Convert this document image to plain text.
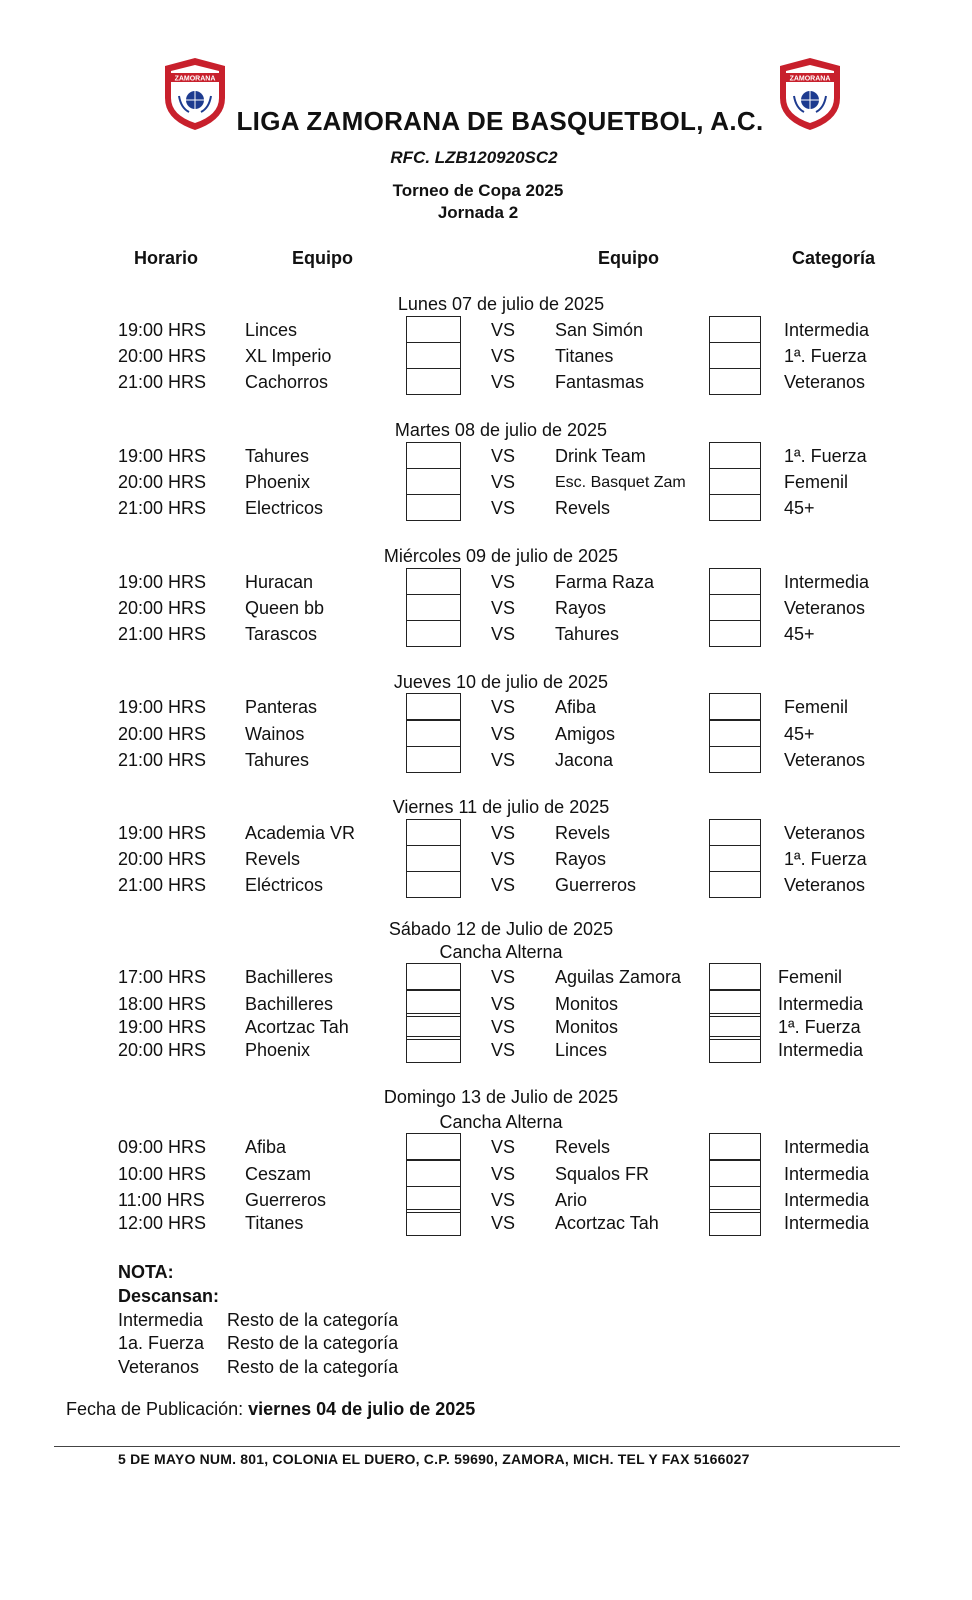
ZAMORANA	ZAMORANA
LIGA ZAMORANA DE BASQUETBOL, A.C.
RFC. LZB120920SC2
Torneo de Copa 2025
Jornada 2
Horario	Equipo	Equipo	Categoría
Lunes 07 de julio de 2025
19:00 HRS Linces	VS San Simón	Intermedia
20:00 HRS XL Imperio	VS Titanes	1ª. Fuerza
21:00 HRS Cachorros	VS Fantasmas	Veteranos
Martes 08 de julio de 2025
19:00 HRS Tahures	VS Drink Team	1ª. Fuerza
20:00 HRS Phoenix	VS Esc. Basquet Zam	Femenil
21:00 HRS Electricos	VS Revels	45+
Miércoles 09 de julio de 2025
19:00 HRS Huracan	VS Farma Raza	Intermedia
20:00 HRS Queen bb	VS Rayos	Veteranos
21:00 HRS Tarascos	VS Tahures	45+
Jueves 10 de julio de 2025
19:00 HRS Panteras	VS Afiba	Femenil
20:00 HRS Wainos	VS Amigos	45+
21:00 HRS Tahures	VS Jacona	Veteranos
Viernes 11 de julio de 2025
19:00 HRS Academia VR	VS Revels	Veteranos
20:00 HRS Revels	VS Rayos	1ª. Fuerza
21:00 HRS Eléctricos	VS Guerreros	Veteranos
Sábado 12 de Julio de 2025
Cancha Alterna
17:00 HRS Bachilleres	VS Aguilas Zamora	Femenil
18:00 HRS Bachilleres	VS Monitos	Intermedia
19:00 HRS Acortzac Tah	VS Monitos	1ª. Fuerza
20:00 HRS Phoenix	VS Linces	Intermedia
Domingo 13 de Julio de 2025
Cancha Alterna
09:00 HRS Afiba	VS Revels	Intermedia
10:00 HRS Ceszam	VS Squalos FR	Intermedia
11:00 HRS Guerreros	VS Ario	Intermedia
12:00 HRS Titanes	VS Acortzac Tah	Intermedia
NOTA:
Descansan:
Intermedia Resto de la categoría
1a. Fuerza Resto de la categoría
Veteranos Resto de la categoría
Fecha de Publicación: viernes 04 de julio de 2025
5 DE MAYO NUM. 801, COLONIA EL DUERO, C.P. 59690, ZAMORA, MICH. TEL Y FAX 5166027
